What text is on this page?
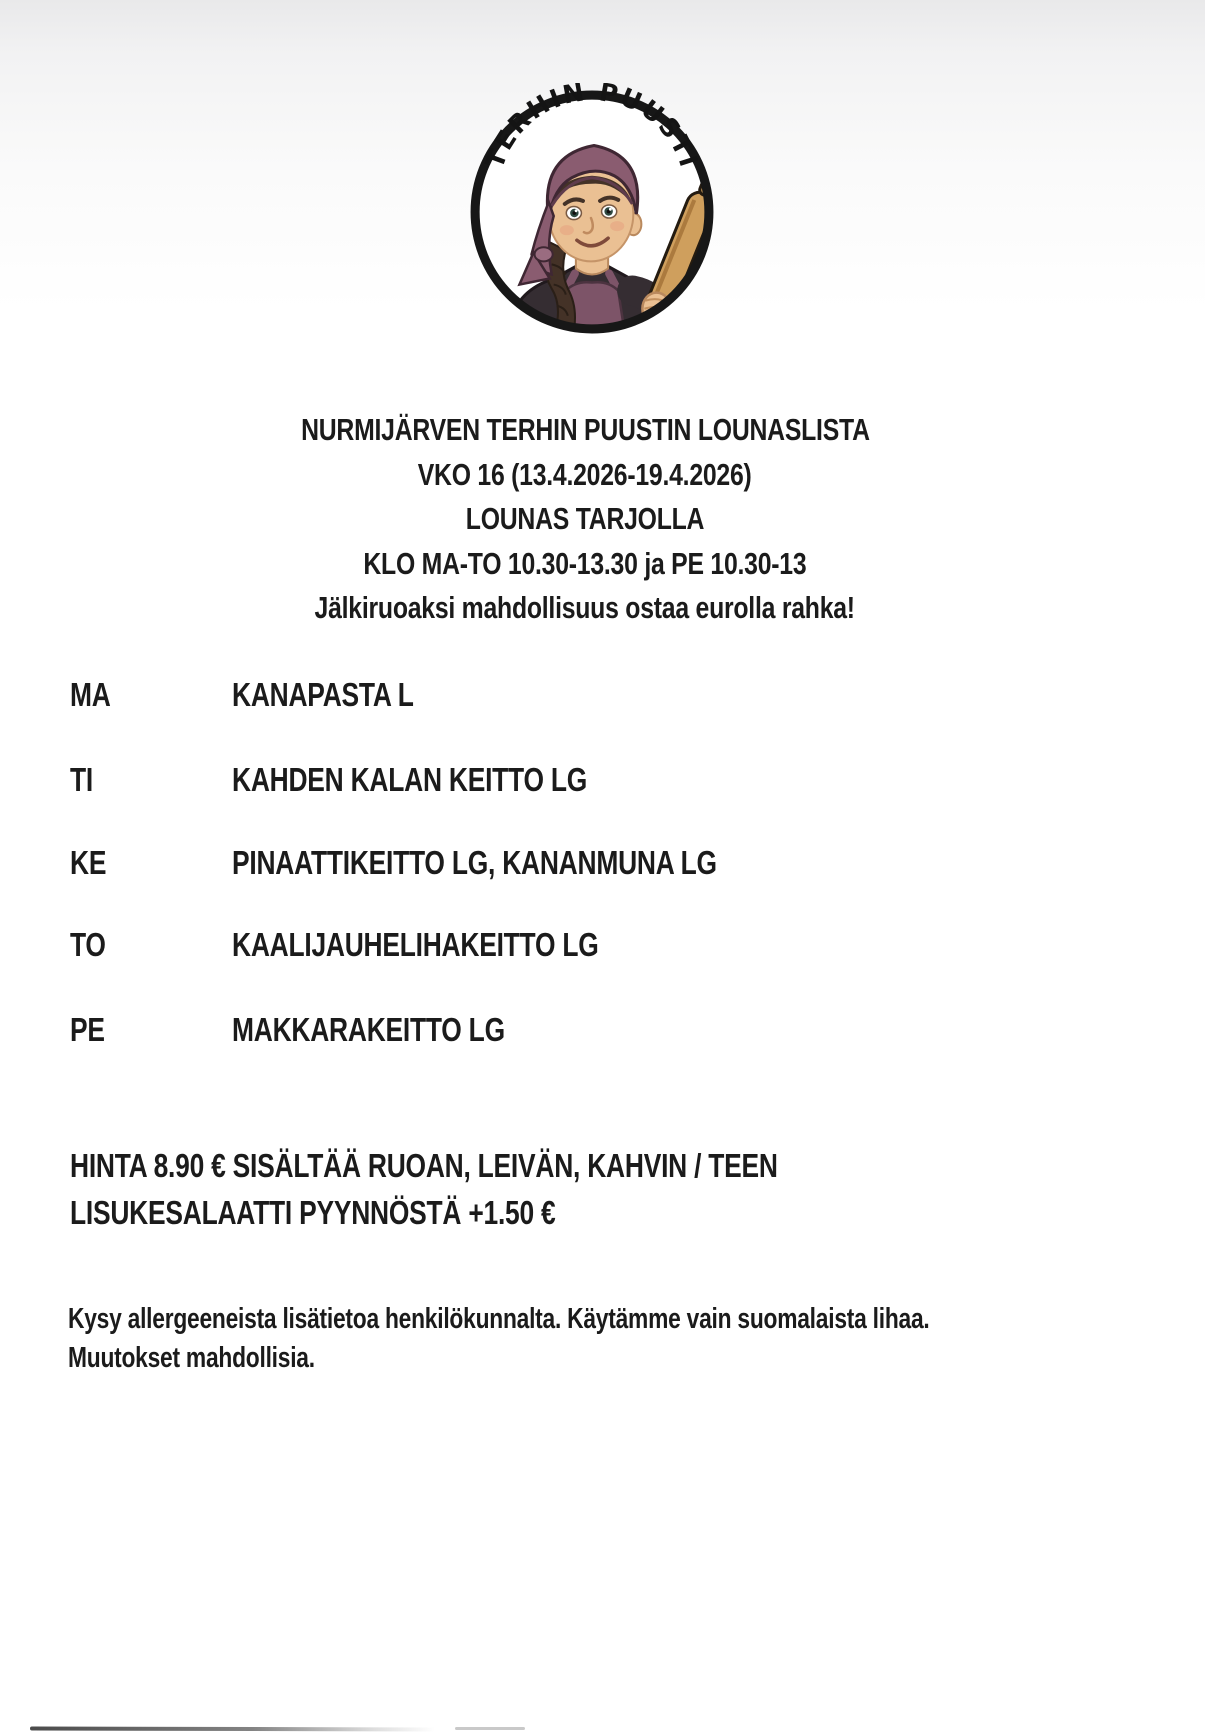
TERHIN PUUSTI
NURMIJÄRVEN TERHIN PUUSTIN LOUNASLISTA
VKO 16 (13.4.2026-19.4.2026)
LOUNAS TARJOLLA
KLO MA-TO 10.30-13.30 ja PE 10.30-13
Jälkiruoaksi mahdollisuus ostaa eurolla rahka!
MA	KANAPASTA L
TI	KAHDEN KALAN KEITTO LG
KE	PINAATTIKEITTO LG, KANANMUNA LG
TO	KAALIJAUHELIHAKEITTO LG
PE	MAKKARAKEITTO LG
HINTA 8.90 € SISÄLTÄÄ RUOAN, LEIVÄN, KAHVIN / TEEN
LISUKESALAATTI PYYNNÖSTÄ +1.50 €
Kysy allergeeneista lisätietoa henkilökunnalta. Käytämme vain suomalaista lihaa.
Muutokset mahdollisia.
